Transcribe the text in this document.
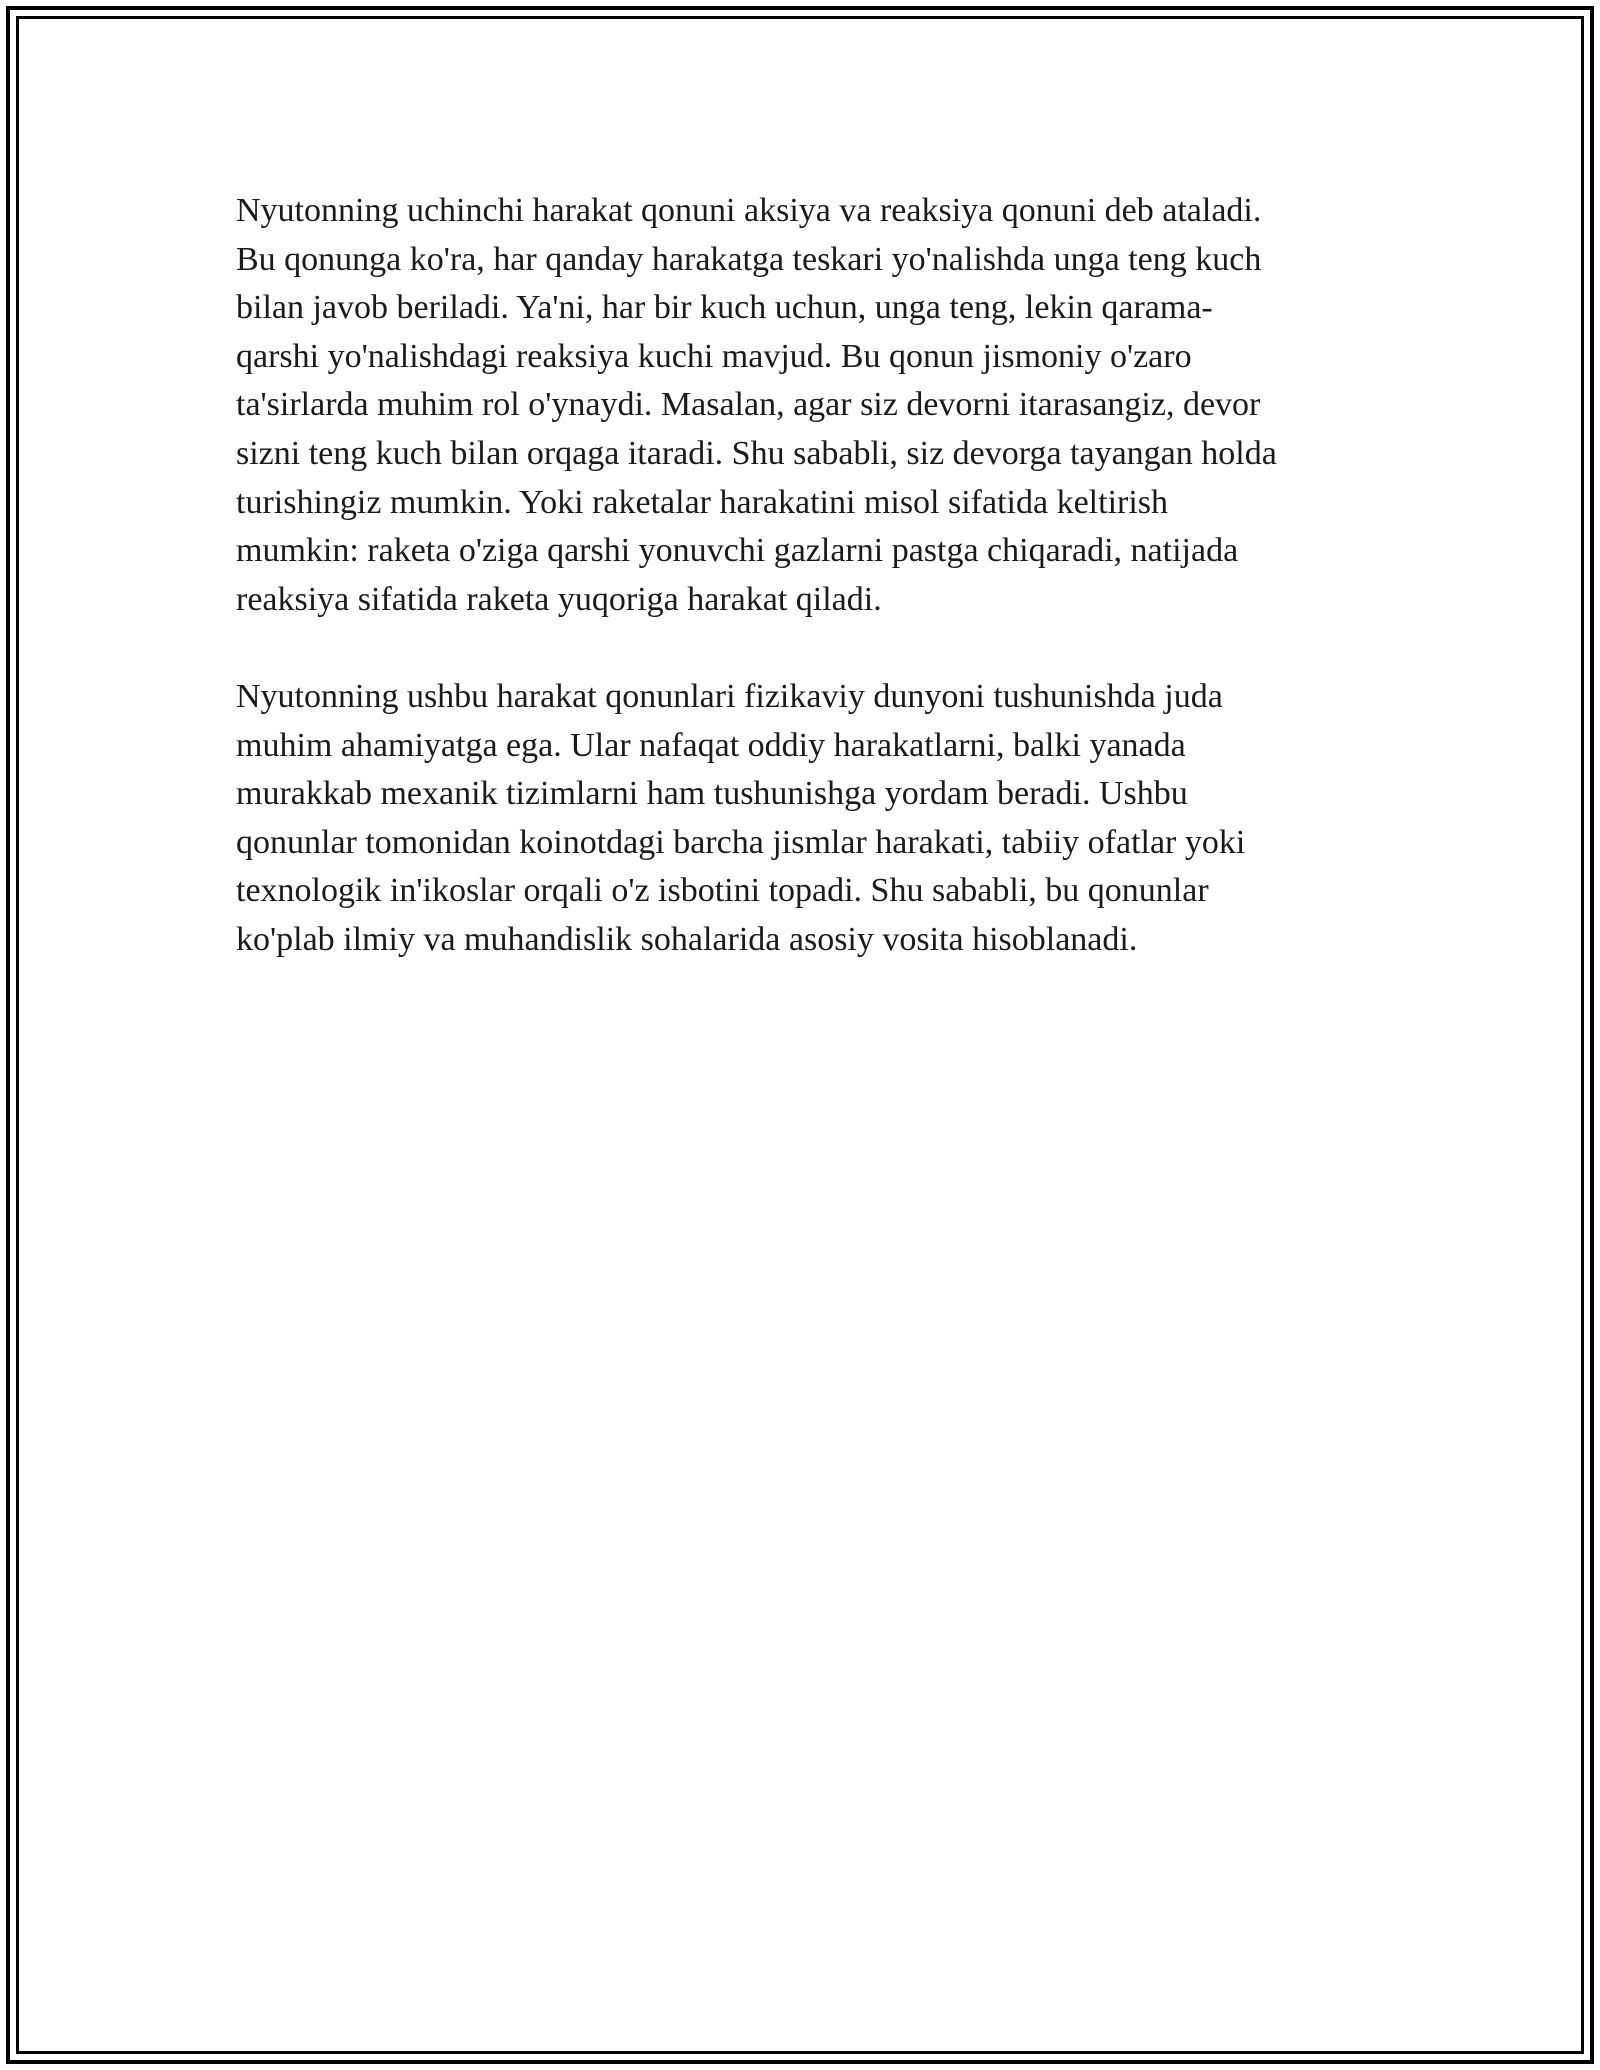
Nyutonning uchinchi harakat qonuni aksiya va reaksiya qonuni deb ataladi.
Bu qonunga ko'ra, har qanday harakatga teskari yo'nalishda unga teng kuch
bilan javob beriladi. Ya'ni, har bir kuch uchun, unga teng, lekin qarama-
qarshi yo'nalishdagi reaksiya kuchi mavjud. Bu qonun jismoniy o'zaro
ta'sirlarda muhim rol o'ynaydi. Masalan, agar siz devorni itarasangiz, devor
sizni teng kuch bilan orqaga itaradi. Shu sababli, siz devorga tayangan holda
turishingiz mumkin. Yoki raketalar harakatini misol sifatida keltirish
mumkin: raketa o'ziga qarshi yonuvchi gazlarni pastga chiqaradi, natijada
reaksiya sifatida raketa yuqoriga harakat qiladi.

Nyutonning ushbu harakat qonunlari fizikaviy dunyoni tushunishda juda
muhim ahamiyatga ega. Ular nafaqat oddiy harakatlarni, balki yanada
murakkab mexanik tizimlarni ham tushunishga yordam beradi. Ushbu
qonunlar tomonidan koinotdagi barcha jismlar harakati, tabiiy ofatlar yoki
texnologik in'ikoslar orqali o'z isbotini topadi. Shu sababli, bu qonunlar
ko'plab ilmiy va muhandislik sohalarida asosiy vosita hisoblanadi.
